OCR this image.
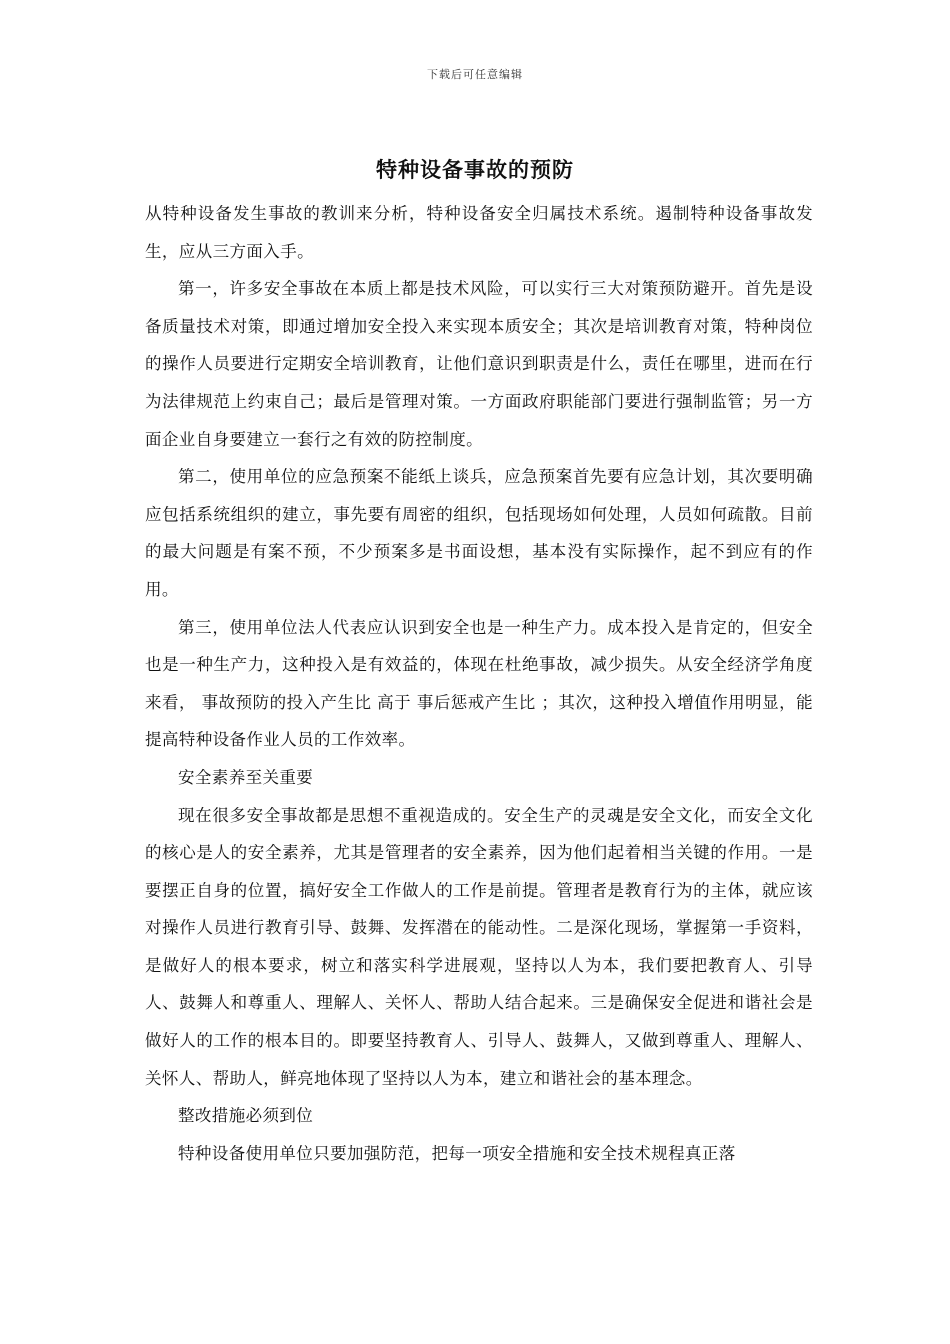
下载后可任意编辑
特种设备事故的预防

从特种设备发生事故的教训来分析，特种设备安全归属技术系统。遏制特种设备事故发生，应从三方面入手。

第一，许多安全事故在本质上都是技术风险，可以实行三大对策预防避开。首先是设备质量技术对策，即通过增加安全投入来实现本质安全；其次是培训教育对策，特种岗位的操作人员要进行定期安全培训教育，让他们意识到职责是什么，责任在哪里，进而在行为法律规范上约束自己；最后是管理对策。一方面政府职能部门要进行强制监管；另一方面企业自身要建立一套行之有效的防控制度。

第二，使用单位的应急预案不能纸上谈兵，应急预案首先要有应急计划，其次要明确应包括系统组织的建立，事先要有周密的组织，包括现场如何处理，人员如何疏散。目前的最大问题是有案不预，不少预案多是书面设想，基本没有实际操作，起不到应有的作用。

第三，使用单位法人代表应认识到安全也是一种生产力。成本投入是肯定的，但安全也是一种生产力，这种投入是有效益的，体现在杜绝事故，减少损失。从安全经济学角度来看， 事故预防的投入产生比 高于 事后惩戒产生比 ；其次，这种投入增值作用明显，能提高特种设备作业人员的工作效率。

安全素养至关重要

现在很多安全事故都是思想不重视造成的。安全生产的灵魂是安全文化，而安全文化的核心是人的安全素养，尤其是管理者的安全素养，因为他们起着相当关键的作用。一是要摆正自身的位置，搞好安全工作做人的工作是前提。管理者是教育行为的主体，就应该对操作人员进行教育引导、鼓舞、发挥潜在的能动性。二是深化现场，掌握第一手资料，是做好人的根本要求，树立和落实科学进展观，坚持以人为本，我们要把教育人、引导人、鼓舞人和尊重人、理解人、关怀人、帮助人结合起来。三是确保安全促进和谐社会是做好人的工作的根本目的。即要坚持教育人、引导人、鼓舞人，又做到尊重人、理解人、关怀人、帮助人，鲜亮地体现了坚持以人为本，建立和谐社会的基本理念。

整改措施必须到位

特种设备使用单位只要加强防范，把每一项安全措施和安全技术规程真正落
